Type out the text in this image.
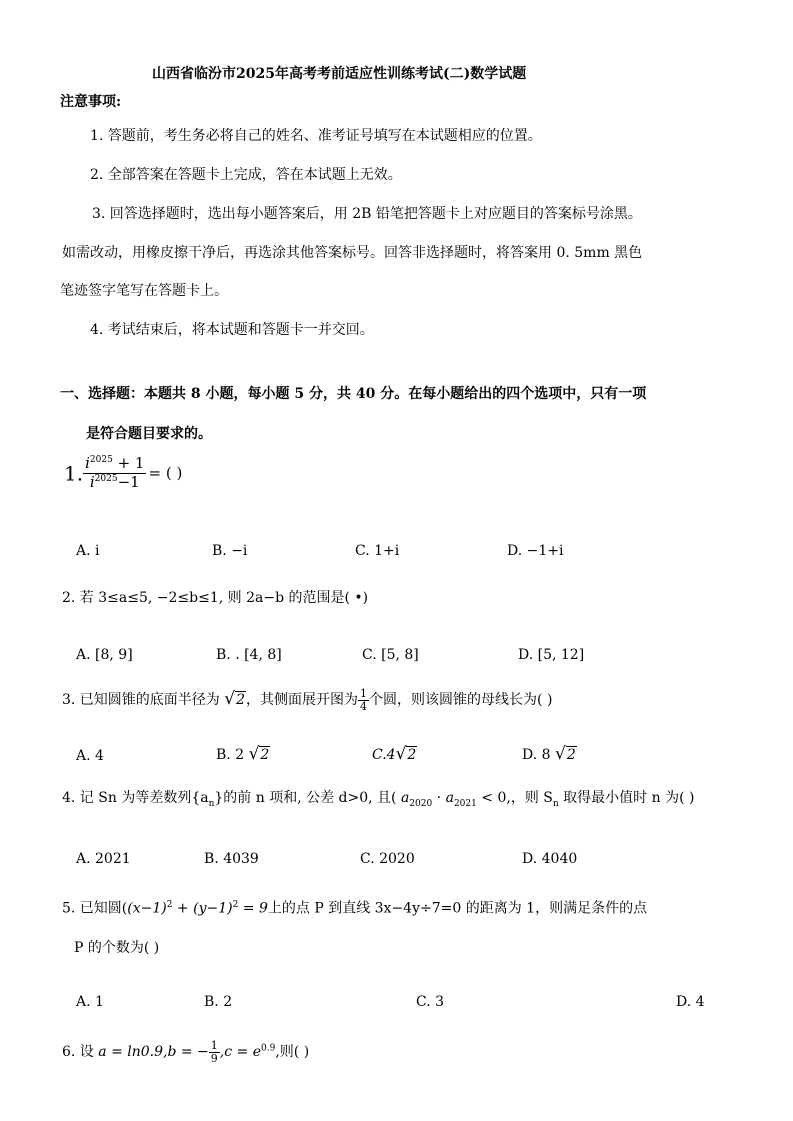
山西省临汾市2025年高考考前适应性训练考试(二)数学试题
注意事项:
1. 答题前，考生务必将自己的姓名、准考证号填写在本试题相应的位置。
2. 全部答案在答题卡上完成，答在本试题上无效。
3. 回答选择题时，选出每小题答案后，用 2B 铅笔把答题卡上对应题目的答案标号涂黑。
如需改动，用橡皮擦干净后，再选涂其他答案标号。回答非选择题时，将答案用 0. 5mm 黑色
笔迹签字笔写在答题卡上。
4. 考试结束后，将本试题和答题卡一并交回。
一、选择题：本题共 8 小题，每小题 5 分，共 40 分。在每小题给出的四个选项中，只有一项
是符合题目要求的。
1. $\frac{i^{2025} + 1}{i^{2025}-1}$ = ( )
A. i	B. −i	C. 1+i	D. −1+i
2. 若 3≤a≤5, −2≤b≤1, 则 2a−b 的范围是( •)
A. [8, 9]	B. . [4, 8]	C. [5, 8]	D. [5, 12]
3. 已知圆锥的底面半径为 √2，其侧面展开图为 $\frac{1}{4}$ 个圆，则该圆锥的母线长为( )
A. 4	B. 2 √2	C.4√2	D. 8 √2
4. 记 Sn 为等差数列$\{a_n\}$的前 n 项和, 公差 d>0, 且( $a_{2020} \cdot a_{2021} < 0$,，则 $S_n$ 取得最小值时 n 为( )
A. 2021	B. 4039	C. 2020	D. 4040
5. 已知圆($(x-1)^2 + (y-1)^2 = 9$上的点 P 到直线 3x−4y÷7=0 的距离为 1，则满足条件的点
P 的个数为( )
A. 1	B. 2	C. 3	D. 4
6. 设 a = ln0.9,b = − $\frac{1}{9} ,c = e^{0.9}$,则( )
